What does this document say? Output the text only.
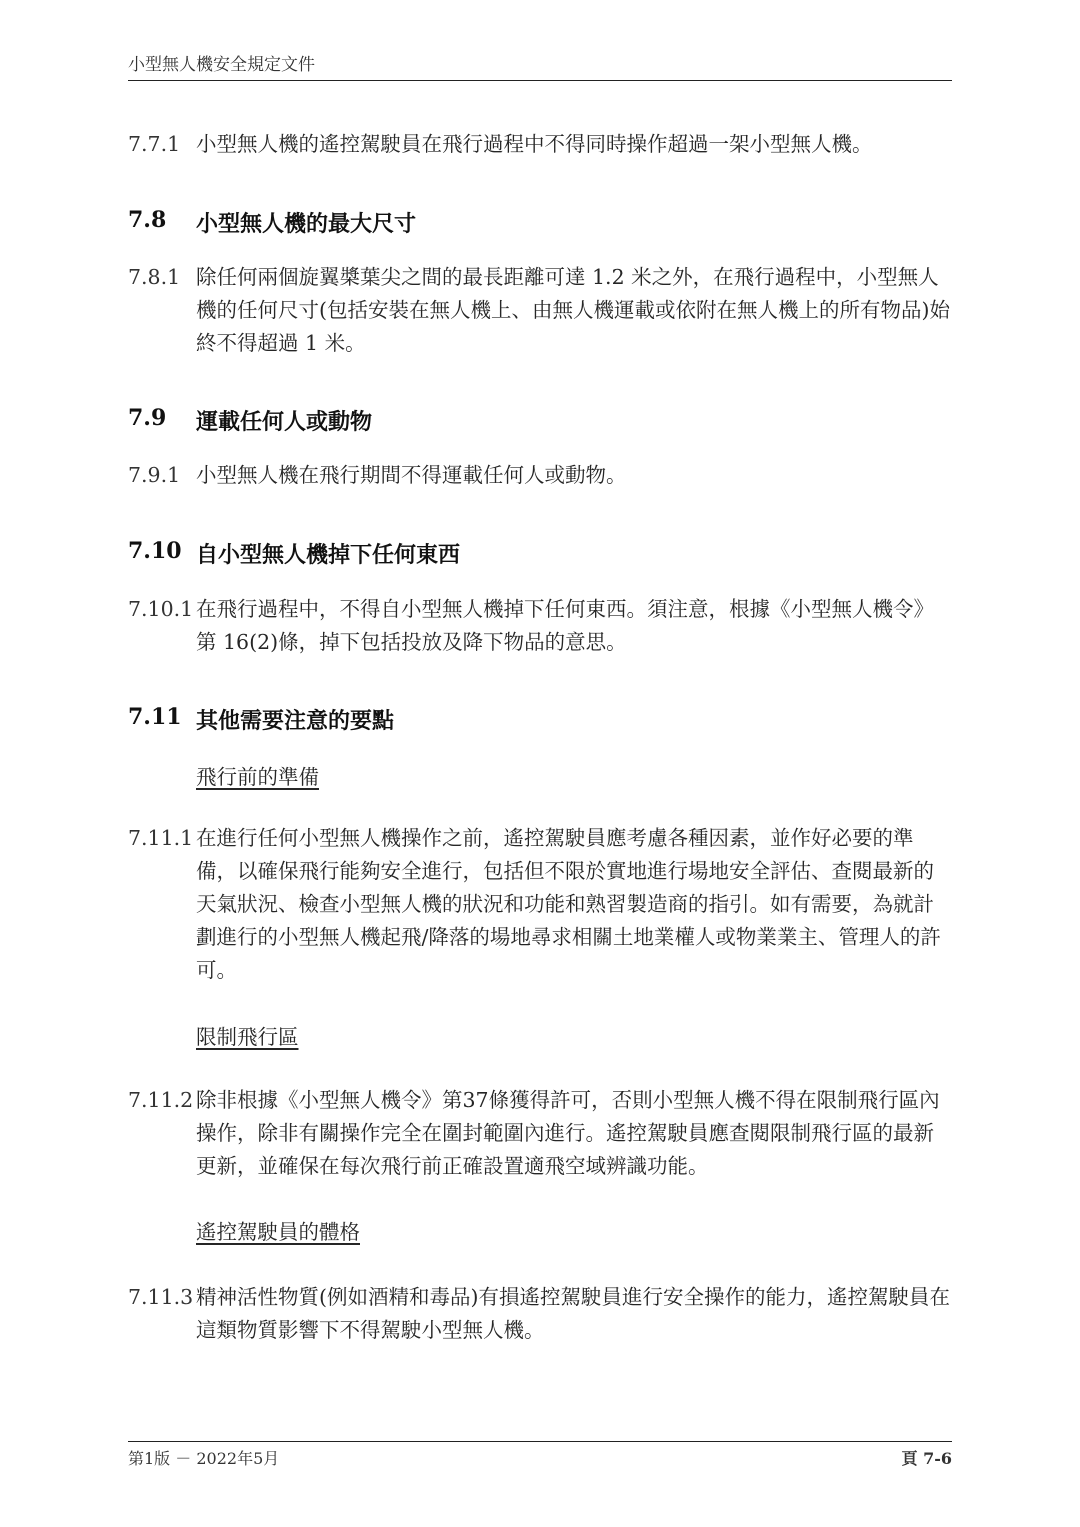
小型無人機安全規定文件
7.7.1 小型無人機的遙控駕駛員在飛行過程中不得同時操作超過一架小型無人機。
7.8 小型無人機的最大尺寸
7.8.1 除任何兩個旋翼槳葉尖之間的最長距離可達 1.2 米之外，在飛行過程中，小型無人機的任何尺寸(包括安裝在無人機上、由無人機運載或依附在無人機上的所有物品)始終不得超過 1 米。
7.9 運載任何人或動物
7.9.1 小型無人機在飛行期間不得運載任何人或動物。
7.10 自小型無人機掉下任何東西
7.10.1 在飛行過程中，不得自小型無人機掉下任何東西。須注意，根據《小型無人機令》第 16(2)條，掉下包括投放及降下物品的意思。
7.11 其他需要注意的要點
飛行前的準備
7.11.1 在進行任何小型無人機操作之前，遙控駕駛員應考慮各種因素，並作好必要的準備，以確保飛行能夠安全進行，包括但不限於實地進行場地安全評估、查閱最新的天氣狀況、檢查小型無人機的狀況和功能和熟習製造商的指引。如有需要，為就計劃進行的小型無人機起飛/降落的場地尋求相關土地業權人或物業業主、管理人的許可。
限制飛行區
7.11.2 除非根據《小型無人機令》第37條獲得許可，否則小型無人機不得在限制飛行區內操作，除非有關操作完全在圍封範圍內進行。遙控駕駛員應查閱限制飛行區的最新更新，並確保在每次飛行前正確設置適飛空域辨識功能。
遙控駕駛員的體格
7.11.3 精神活性物質(例如酒精和毒品)有損遙控駕駛員進行安全操作的能力，遙控駕駛員在這類物質影響下不得駕駛小型無人機。
第1版 － 2022年5月	頁 7-6
